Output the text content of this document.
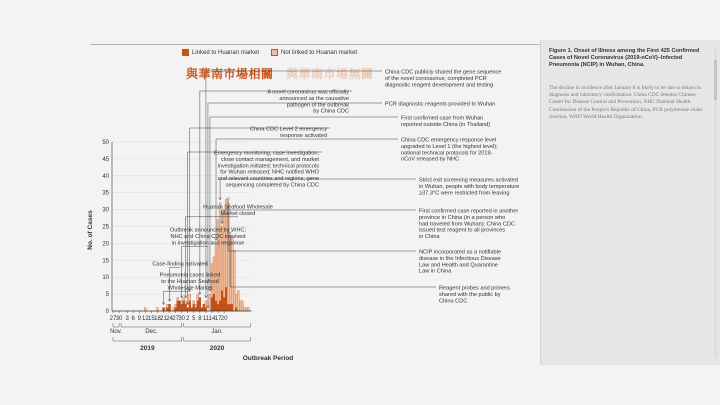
Linked to Huanan market	Not linked to Huanan market
與華南市場相關 與華南市場無關
0
5
10
15
20
25
30
35
40
45
50
No. of Cases
27 30 3 6 9 12 15 18 21 24 27 30 2 5 8 11 14 17 20
Nov.	Dec.	Jan.
2019	2020
Outbreak Period
Pneumonia cases linked to the Huanan Seafood Wholesale Market
Case-finding activated
Outbreak announced by WHC; NHC and China CDC involved in investigation and response
Huanan Seafood Wholesale Market closed
Emergency monitoring, case investigation, close contact management, and market investigation initiated; technical protocols for Wuhan released; NHC notified WHO and relevant countries and regions; gene sequencing completed by China CDC
China CDC Level 2 emergency response activated
A novel coronavirus was officially announced as the causative pathogen of the outbreak by China CDC
China CDC publicly shared the gene sequence of the novel coronavirus; completed PCR diagnostic reagent development and testing
PCR diagnostic reagents provided to Wuhan
First confirmed case from Wuhan reported outside China (in Thailand)
China CDC emergency response level upgraded to Level 1 (the highest level); national technical protocols for 2019-nCoV released by NHC
Strict exit screening measures activated in Wuhan, people with body temperature ≥37.3°C were restricted from leaving
First confirmed case reported in another province in China (in a person who had traveled from Wuhan); China CDC issued test reagent to all provinces in China
NCIP incorporated as a notifiable disease in the Infectious Disease Law and Health and Quarantine Law in China
Reagent probes and primers shared with the public by China CDC
Figure 1. Onset of Illness among the First 425 Confirmed Cases of Novel Coronavirus (2019-nCoV)–Infected Pneumonia (NCIP) in Wuhan, China.
The decline in incidence after January 8 is likely to be due to delays in diagnosis and laboratory confirmation. China CDC denotes Chinese Center for Disease Control and Prevention, NHC National Health Commission of the People's Republic of China, PCR polymerase chain reaction, WHO World Health Organization.
